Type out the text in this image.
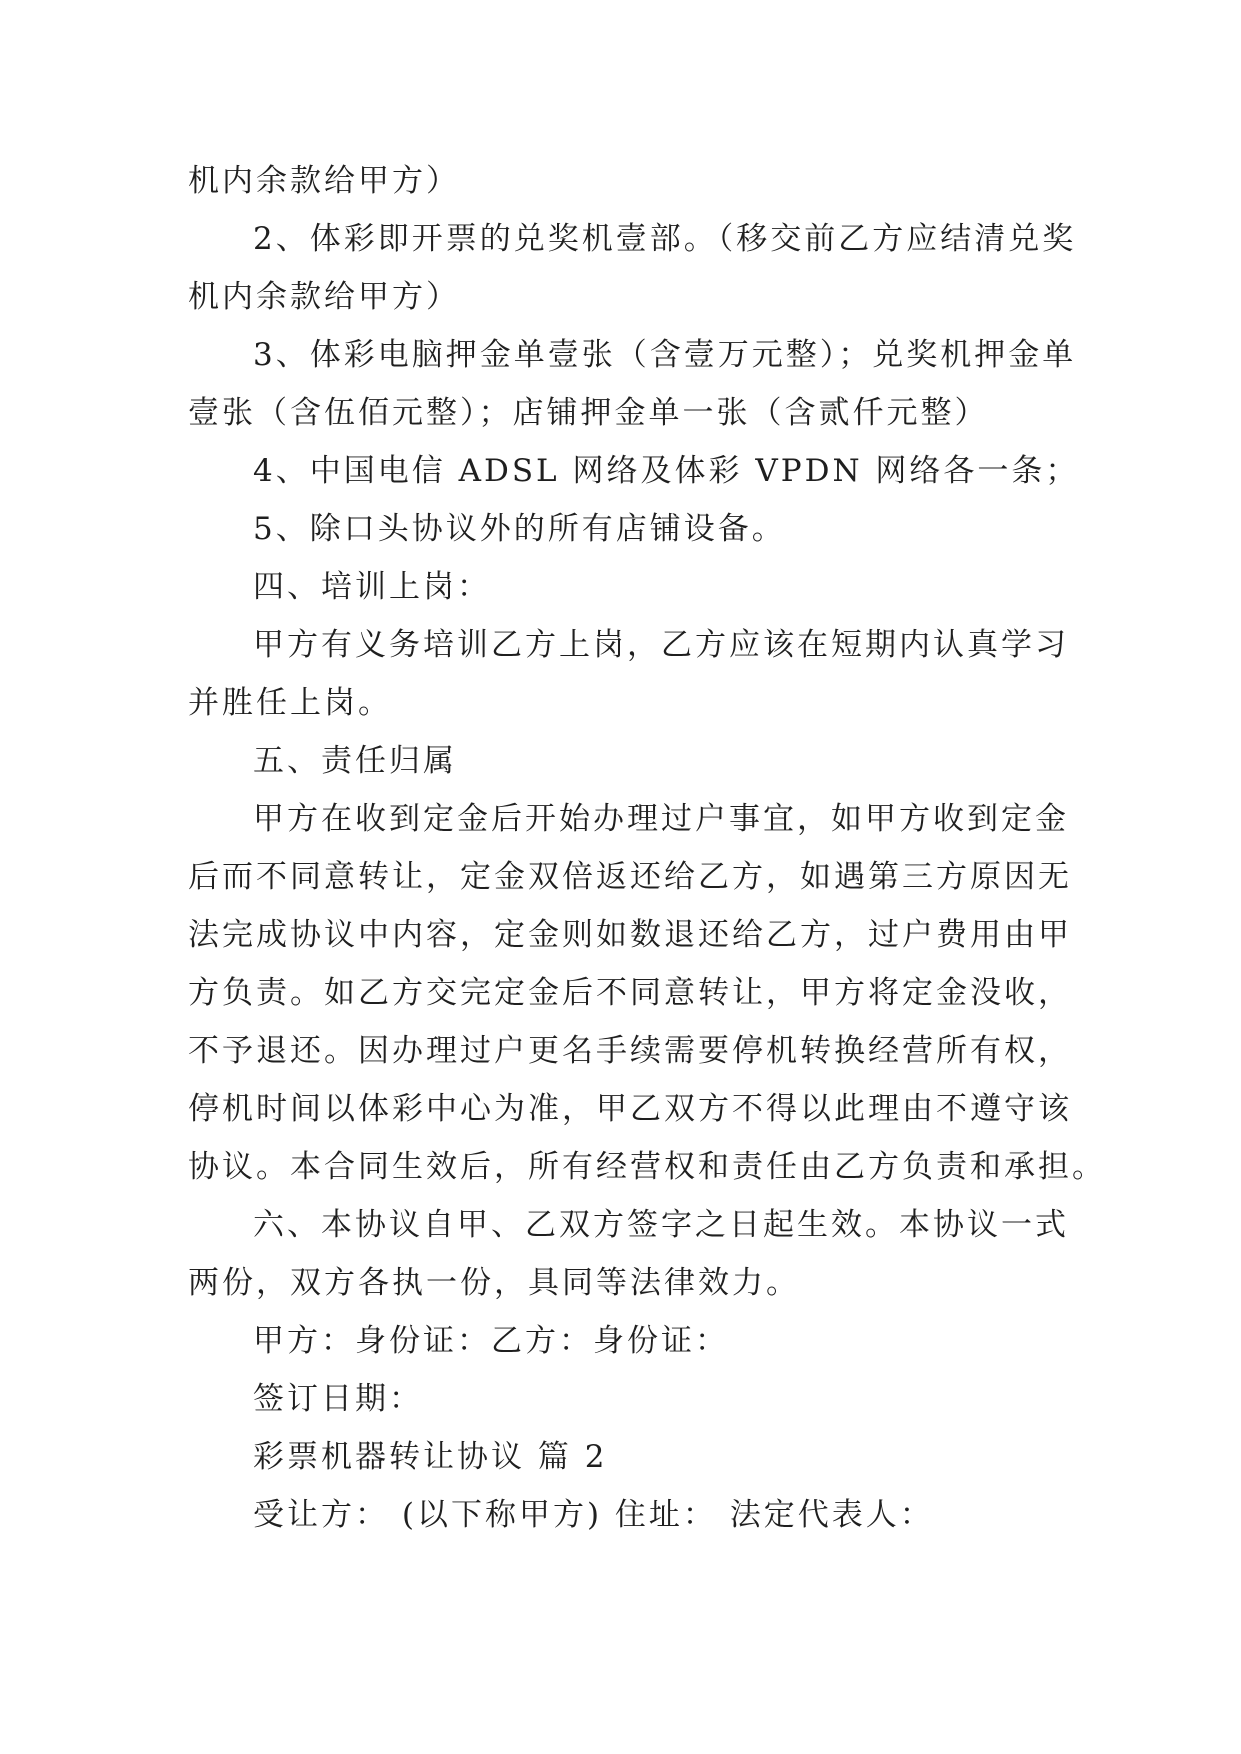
机内余款给甲方）
2、体彩即开票的兑奖机壹部。（移交前乙方应结清兑奖
机内余款给甲方）
3、体彩电脑押金单壹张（含壹万元整）；兑奖机押金单
壹张（含伍佰元整）；店铺押金单一张（含贰仟元整）
4、中国电信 ADSL 网络及体彩 VPDN 网络各一条；
5、除口头协议外的所有店铺设备。
四、培训上岗：
甲方有义务培训乙方上岗，乙方应该在短期内认真学习
并胜任上岗。
五、责任归属
甲方在收到定金后开始办理过户事宜，如甲方收到定金
后而不同意转让，定金双倍返还给乙方，如遇第三方原因无
法完成协议中内容，定金则如数退还给乙方，过户费用由甲
方负责。如乙方交完定金后不同意转让，甲方将定金没收，
不予退还。因办理过户更名手续需要停机转换经营所有权，
停机时间以体彩中心为准，甲乙双方不得以此理由不遵守该
协议。本合同生效后，所有经营权和责任由乙方负责和承担。
六、本协议自甲、乙双方签字之日起生效。本协议一式
两份，双方各执一份，具同等法律效力。
甲方：身份证：乙方：身份证：
签订日期：
彩票机器转让协议 篇 2
受让方： (以下称甲方) 住址： 法定代表人：
